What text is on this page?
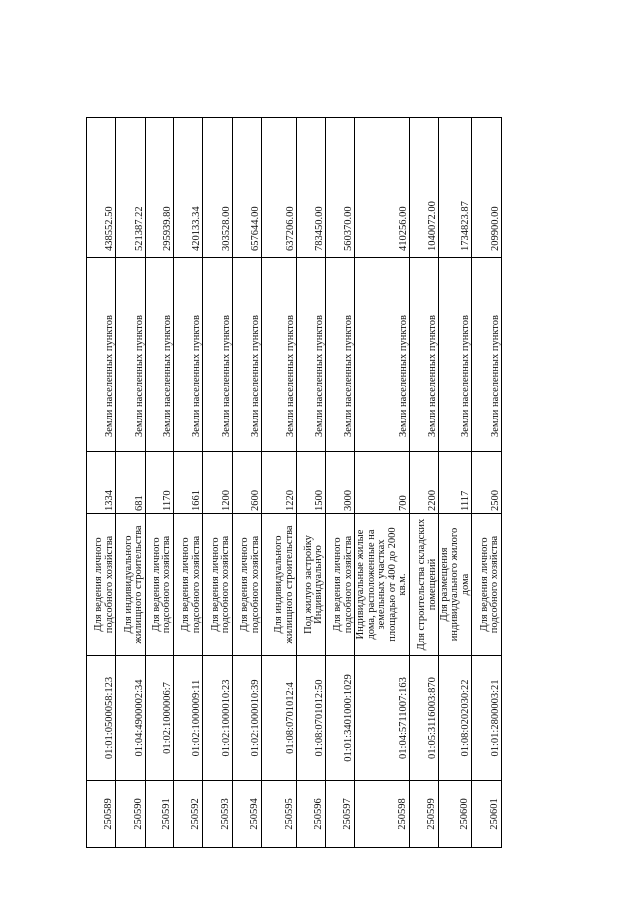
250589	01:01:0500058:123	Для ведения личного подсобного хозяйства	1334	Земли населенных пунктов	438552.50
250590	01:04:4900002:34	Для индивидуального жилищного строительства	681	Земли населенных пунктов	521387.22
250591	01:02:1000006:7	Для ведения личного подсобного хозяйства	1170	Земли населенных пунктов	295939.80
250592	01:02:1000009:11	Для ведения личного подсобного хозяйства	1661	Земли населенных пунктов	420133.34
250593	01:02:1000010:23	Для ведения личного подсобного хозяйства	1200	Земли населенных пунктов	303528.00
250594	01:02:1000010:39	Для ведения личного подсобного хозяйства	2600	Земли населенных пунктов	657644.00
250595	01:08:0701012:4	Для индивидуального жилищного строительства	1220	Земли населенных пунктов	637206.00
250596	01:08:0701012:50	Под жилую застройку Индивидуальную	1500	Земли населенных пунктов	783450.00
250597	01:01:3401000:1029	Для ведения личного подсобного хозяйства	3000	Земли населенных пунктов	560370.00
250598	01:04:5711007:163	Индивидуальные жилые дома, расположенные на земельных участках площадью от 400 до 2000 кв.м.	700	Земли населенных пунктов	410256.00
250599	01:05:3116003:870	Для строительства складских помещений	2200	Земли населенных пунктов	1040072.00
250600	01:08:0202030:22	Для размещения индивидуального жилого дома	1117	Земли населенных пунктов	1734823.87
250601	01:01:2800003:21	Для ведения личного подсобного хозяйства	2500	Земли населенных пунктов	209900.00
